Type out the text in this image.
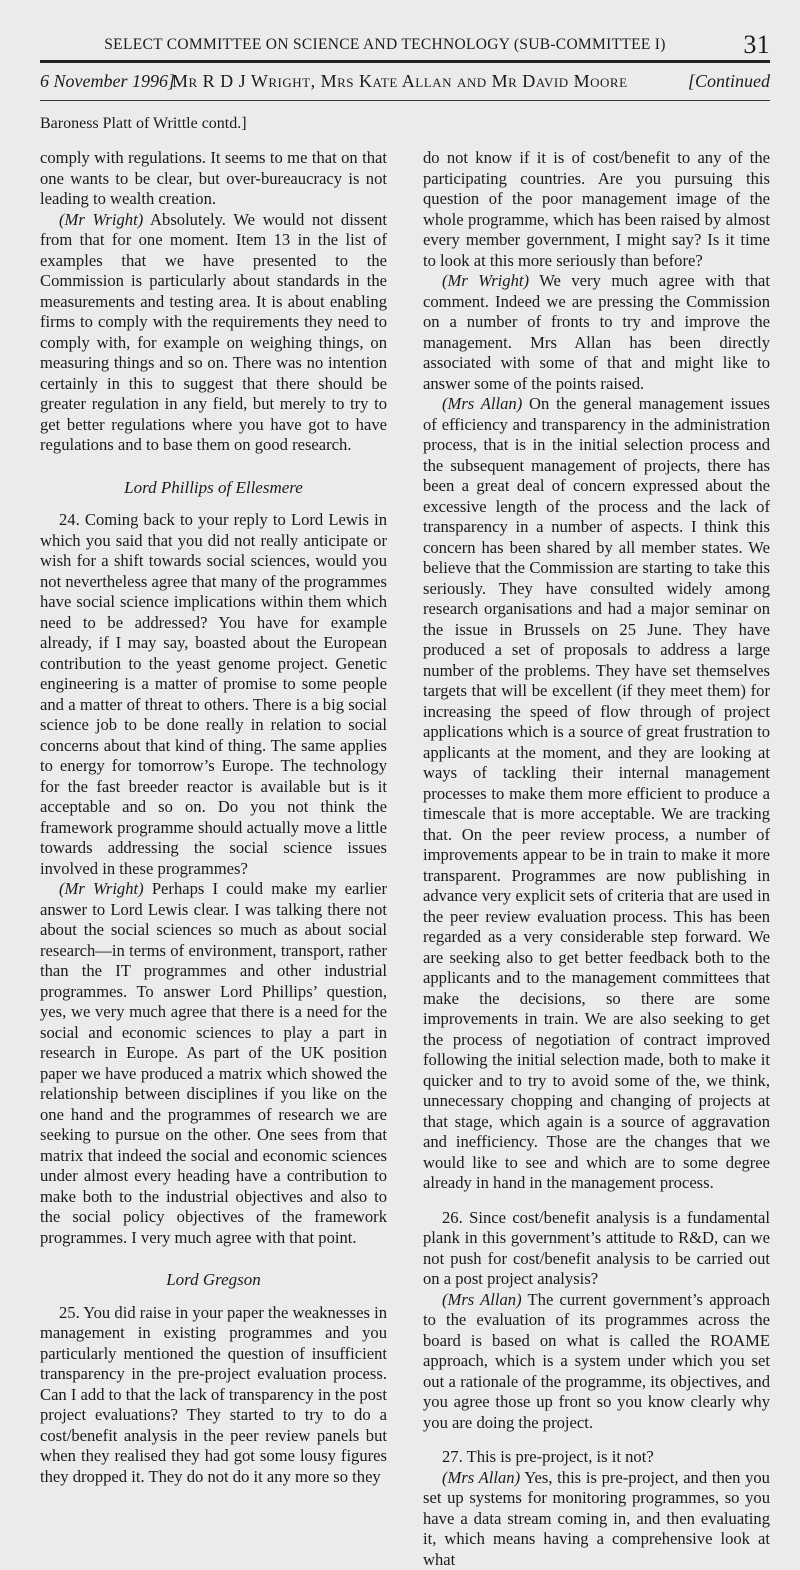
SELECT COMMITTEE ON SCIENCE AND TECHNOLOGY (SUB-COMMITTEE I)	31
6 November 1996]
Mr R D J Wright, Mrs Kate Allan and Mr David Moore	[Continued
Baroness Platt of Writtle contd.]

comply with regulations. It seems to me that on that one wants to be clear, but over-bureaucracy is not leading to wealth creation.

(Mr Wright) Absolutely. We would not dissent from that for one moment. Item 13 in the list of examples that we have presented to the Commission is particularly about standards in the measurements and testing area. It is about enabling firms to comply with the requirements they need to comply with, for example on weighing things, on measuring things and so on. There was no intention certainly in this to suggest that there should be greater regulation in any field, but merely to try to get better regulations where you have got to have regulations and to base them on good research.

Lord Phillips of Ellesmere

24. Coming back to your reply to Lord Lewis in which you said that you did not really anticipate or wish for a shift towards social sciences, would you not nevertheless agree that many of the programmes have social science implications within them which need to be addressed? You have for example already, if I may say, boasted about the European contribution to the yeast genome project. Genetic engineering is a matter of promise to some people and a matter of threat to others. There is a big social science job to be done really in relation to social concerns about that kind of thing. The same applies to energy for tomorrow’s Europe. The technology for the fast breeder reactor is available but is it acceptable and so on. Do you not think the framework programme should actually move a little towards addressing the social science issues involved in these programmes?

(Mr Wright) Perhaps I could make my earlier answer to Lord Lewis clear. I was talking there not about the social sciences so much as about social research—in terms of environment, transport, rather than the IT programmes and other industrial programmes. To answer Lord Phillips’ question, yes, we very much agree that there is a need for the social and economic sciences to play a part in research in Europe. As part of the UK position paper we have produced a matrix which showed the relationship between disciplines if you like on the one hand and the programmes of research we are seeking to pursue on the other. One sees from that matrix that indeed the social and economic sciences under almost every heading have a contribution to make both to the industrial objectives and also to the social policy objectives of the framework programmes. I very much agree with that point.

Lord Gregson

25. You did raise in your paper the weaknesses in management in existing programmes and you particularly mentioned the question of insufficient transparency in the pre-project evaluation process. Can I add to that the lack of transparency in the post project evaluations? They started to try to do a cost/benefit analysis in the peer review panels but when they realised they had got some lousy figures they dropped it. They do not do it any more so they

do not know if it is of cost/benefit to any of the participating countries. Are you pursuing this question of the poor management image of the whole programme, which has been raised by almost every member government, I might say? Is it time to look at this more seriously than before?

(Mr Wright) We very much agree with that comment. Indeed we are pressing the Commission on a number of fronts to try and improve the management. Mrs Allan has been directly associated with some of that and might like to answer some of the points raised.

(Mrs Allan) On the general management issues of efficiency and transparency in the administration process, that is in the initial selection process and the subsequent management of projects, there has been a great deal of concern expressed about the excessive length of the process and the lack of transparency in a number of aspects. I think this concern has been shared by all member states. We believe that the Commission are starting to take this seriously. They have consulted widely among research organisations and had a major seminar on the issue in Brussels on 25 June. They have produced a set of proposals to address a large number of the problems. They have set themselves targets that will be excellent (if they meet them) for increasing the speed of flow through of project applications which is a source of great frustration to applicants at the moment, and they are looking at ways of tackling their internal management processes to make them more efficient to produce a timescale that is more acceptable. We are tracking that. On the peer review process, a number of improvements appear to be in train to make it more transparent. Programmes are now publishing in advance very explicit sets of criteria that are used in the peer review evaluation process. This has been regarded as a very considerable step forward. We are seeking also to get better feedback both to the applicants and to the management committees that make the decisions, so there are some improvements in train. We are also seeking to get the process of negotiation of contract improved following the initial selection made, both to make it quicker and to try to avoid some of the, we think, unnecessary chopping and changing of projects at that stage, which again is a source of aggravation and inefficiency. Those are the changes that we would like to see and which are to some degree already in hand in the management process.

26. Since cost/benefit analysis is a fundamental plank in this government’s attitude to R&D, can we not push for cost/benefit analysis to be carried out on a post project analysis?

(Mrs Allan) The current government’s approach to the evaluation of its programmes across the board is based on what is called the ROAME approach, which is a system under which you set out a rationale of the programme, its objectives, and you agree those up front so you know clearly why you are doing the project.

27. This is pre-project, is it not?

(Mrs Allan) Yes, this is pre-project, and then you set up systems for monitoring programmes, so you have a data stream coming in, and then evaluating it, which means having a comprehensive look at what
